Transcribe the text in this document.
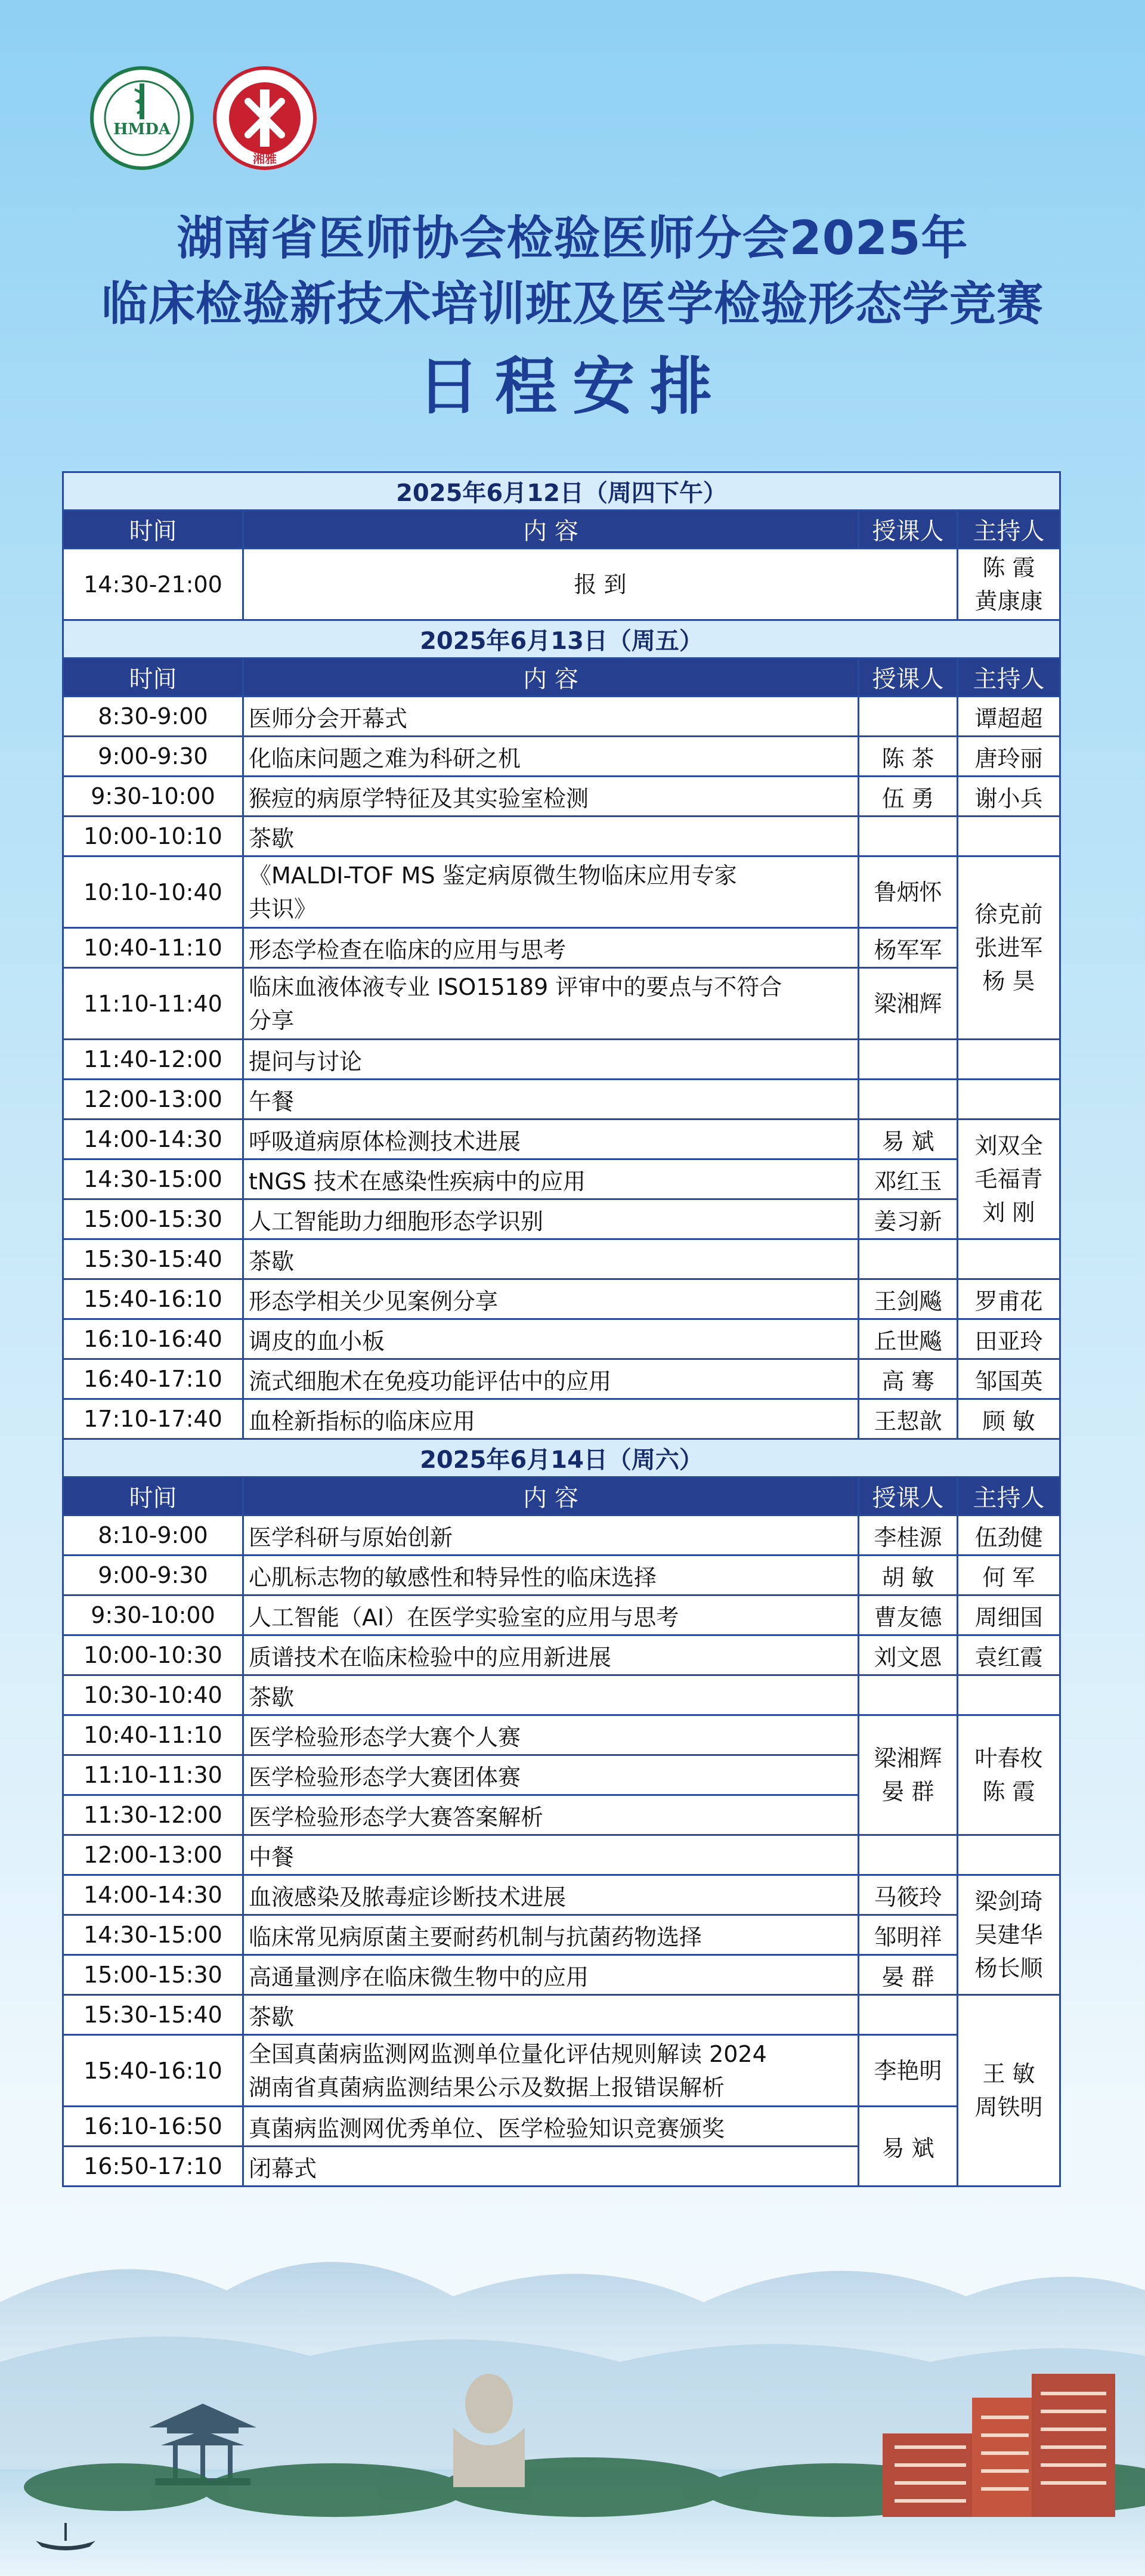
HMDA
湘雅
湖南省医师协会检验医师分会2025年
临床检验新技术培训班及医学检验形态学竞赛
日程安排
2025年6月12日（周四下午）			
时间	内 容	授课人	主持人
14:30-21:00	报 到		陈 霞
黄康康

2025年6月13日（周五）			
时间	内 容	授课人	主持人
8:30-9:00	医师分会开幕式		谭超超
9:00-9:30	化临床问题之难为科研之机	陈 茶	唐玲丽
9:30-10:00	猴痘的病原学特征及其实验室检测	伍 勇	谢小兵
10:00-10:10	茶歇		
10:10-10:40	《MALDI-TOF MS 鉴定病原微生物临床应用专家
共识》	鲁炳怀	徐克前
张进军
杨 昊

10:40-11:10	形态学检查在临床的应用与思考	杨军军	
11:10-11:40	临床血液体液专业 ISO15189 评审中的要点与不符合
分享	梁湘辉	
11:40-12:00	提问与讨论		
12:00-13:00	午餐		
14:00-14:30	呼吸道病原体检测技术进展	易 斌	刘双全
毛福青
刘 刚

14:30-15:00	tNGS 技术在感染性疾病中的应用	邓红玉	
15:00-15:30	人工智能助力细胞形态学识别	姜习新	
15:30-15:40	茶歇		
15:40-16:10	形态学相关少见案例分享	王剑飚	罗甫花
16:10-16:40	调皮的血小板	丘世飚	田亚玲
16:40-17:10	流式细胞术在免疫功能评估中的应用	高 骞	邹国英
17:10-17:40	血栓新指标的临床应用	王恝歆	顾 敏
2025年6月14日（周六）			
时间	内 容	授课人	主持人
8:10-9:00	医学科研与原始创新	李桂源	伍劲健
9:00-9:30	心肌标志物的敏感性和特异性的临床选择	胡 敏	何 军
9:30-10:00	人工智能（AI）在医学实验室的应用与思考	曹友德	周细国
10:00-10:30	质谱技术在临床检验中的应用新进展	刘文恩	袁红霞
10:30-10:40	茶歇		
10:40-11:10	医学检验形态学大赛个人赛	梁湘辉
晏 群	叶春枚
陈 霞

11:10-11:30	医学检验形态学大赛团体赛		
11:30-12:00	医学检验形态学大赛答案解析		
12:00-13:00	中餐		
14:00-14:30	血液感染及脓毒症诊断技术进展	马筱玲	梁剑琦
吴建华
杨长顺

14:30-15:00	临床常见病原菌主要耐药机制与抗菌药物选择	邹明祥	
15:00-15:30	高通量测序在临床微生物中的应用	晏 群	
15:30-15:40	茶歇		王 敏
周铁明

15:40-16:10	全国真菌病监测网监测单位量化评估规则解读 2024
湖南省真菌病监测结果公示及数据上报错误解析	李艳明	
16:10-16:50	真菌病监测网优秀单位、医学检验知识竞赛颁奖	易 斌	
16:50-17:10	闭幕式		
